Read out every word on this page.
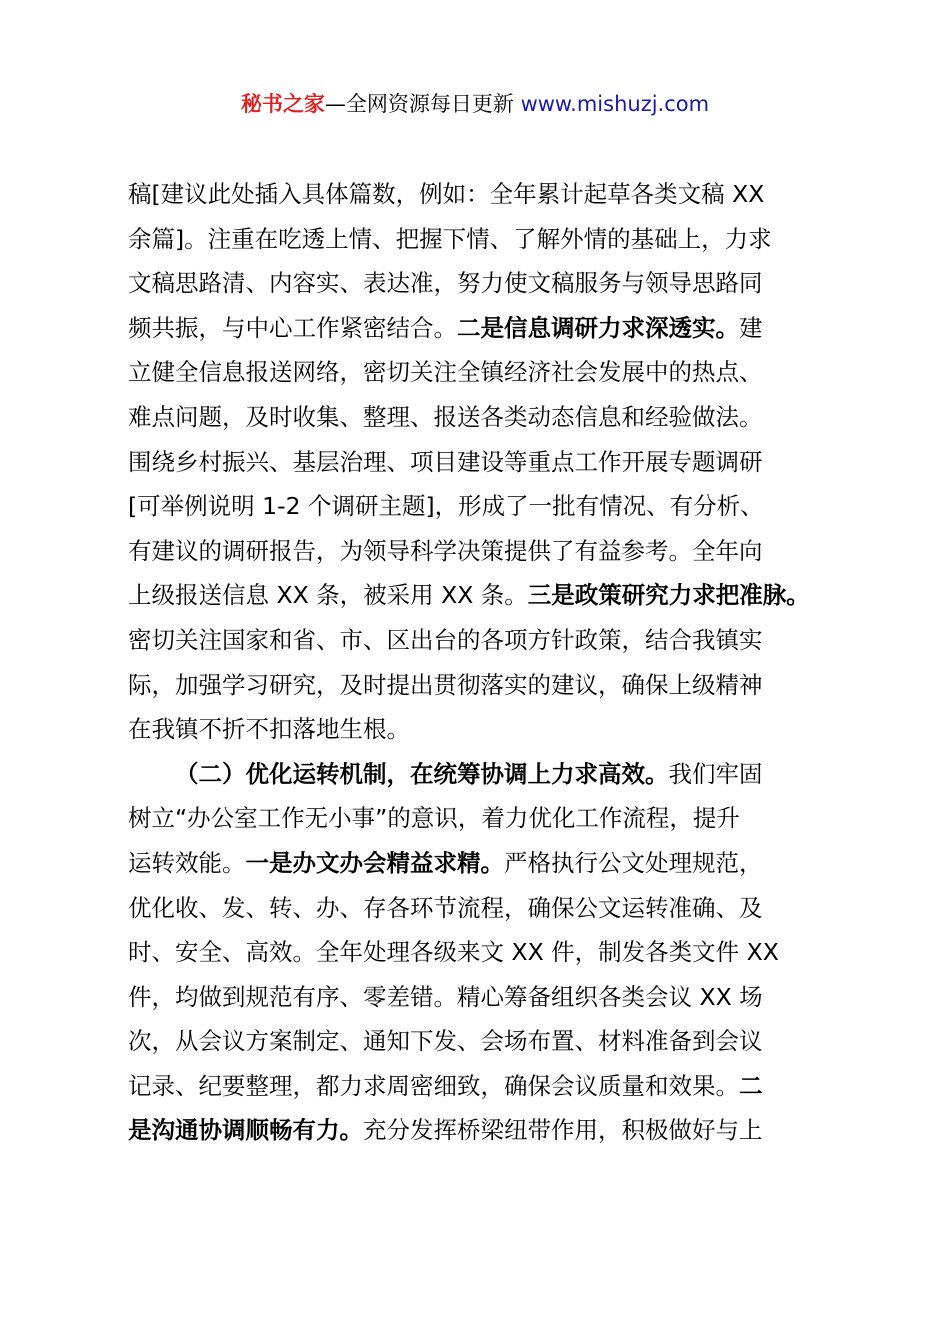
秘书之家—全网资源每日更新 www.mishuzj.com
稿[建议此处插入具体篇数，例如：全年累计起草各类文稿 XX
余篇]。注重在吃透上情、把握下情、了解外情的基础上，力求
文稿思路清、内容实、表达准，努力使文稿服务与领导思路同
频共振，与中心工作紧密结合。二是信息调研力求深透实。建
立健全信息报送网络，密切关注全镇经济社会发展中的热点、
难点问题，及时收集、整理、报送各类动态信息和经验做法。
围绕乡村振兴、基层治理、项目建设等重点工作开展专题调研
[可举例说明 1-2 个调研主题]，形成了一批有情况、有分析、
有建议的调研报告，为领导科学决策提供了有益参考。全年向
上级报送信息 XX 条，被采用 XX 条。三是政策研究力求把准脉。
密切关注国家和省、市、区出台的各项方针政策，结合我镇实
际，加强学习研究，及时提出贯彻落实的建议，确保上级精神
在我镇不折不扣落地生根。
（二）优化运转机制，在统筹协调上力求高效。我们牢固
树立“办公室工作无小事”的意识，着力优化工作流程，提升
运转效能。一是办文办会精益求精。严格执行公文处理规范，
优化收、发、转、办、存各环节流程，确保公文运转准确、及
时、安全、高效。全年处理各级来文 XX 件，制发各类文件 XX
件，均做到规范有序、零差错。精心筹备组织各类会议 XX 场
次，从会议方案制定、通知下发、会场布置、材料准备到会议
记录、纪要整理，都力求周密细致，确保会议质量和效果。二
是沟通协调顺畅有力。充分发挥桥梁纽带作用，积极做好与上
